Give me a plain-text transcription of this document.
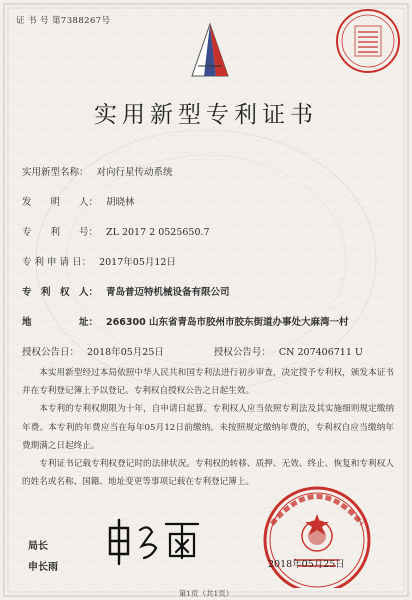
证 书 号 第7388267号
实用新型专利证书
实用新型名称： 对向行星传动系统
发　　明　　人： 胡晓林
专　　利　　号： ZL 2017 2 0525650.7
专 利 申 请 日： 2017年05月12日
专　利　权　人： 青岛普迈特机械设备有限公司
地　　　　　址： 266300 山东省青岛市胶州市胶东街道办事处大麻湾一村
授权公告日： 2018年05月25日	授权公告号： CN 207406711 U

本实用新型经过本局依照中华人民共和国专利法进行初步审查，决定授予专利权，颁发本证书并在专利登记簿上予以登记。专利权自授权公告之日起生效。

本专利的专利权期限为十年，自申请日起算。专利权人应当依照专利法及其实施细则规定缴纳年费。本专利的年费应当在每年05月12日前缴纳。未按照规定缴纳年费的，专利权自应当缴纳年费期满之日起终止。

专利证书记载专利权登记时的法律状况。专利权的转移、质押、无效、终止、恢复和专利权人的姓名或名称、国籍、地址变更等事项记载在专利登记簿上。

局长
申长雨	2018年05月25日
第1页（共1页）
